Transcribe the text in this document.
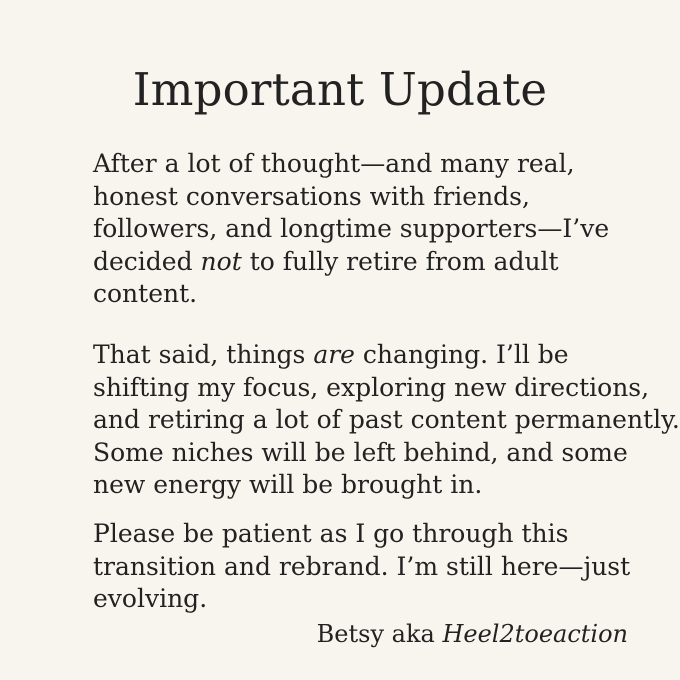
Important Update

After a lot of thought—and many real,
honest conversations with friends,
followers, and longtime supporters—I’ve
decided not to fully retire from adult
content.

That said, things are changing. I’ll be
shifting my focus, exploring new directions,
and retiring a lot of past content permanently.
Some niches will be left behind, and some
new energy will be brought in.

Please be patient as I go through this
transition and rebrand. I’m still here—just
evolving.

Betsy aka Heel2toeaction
